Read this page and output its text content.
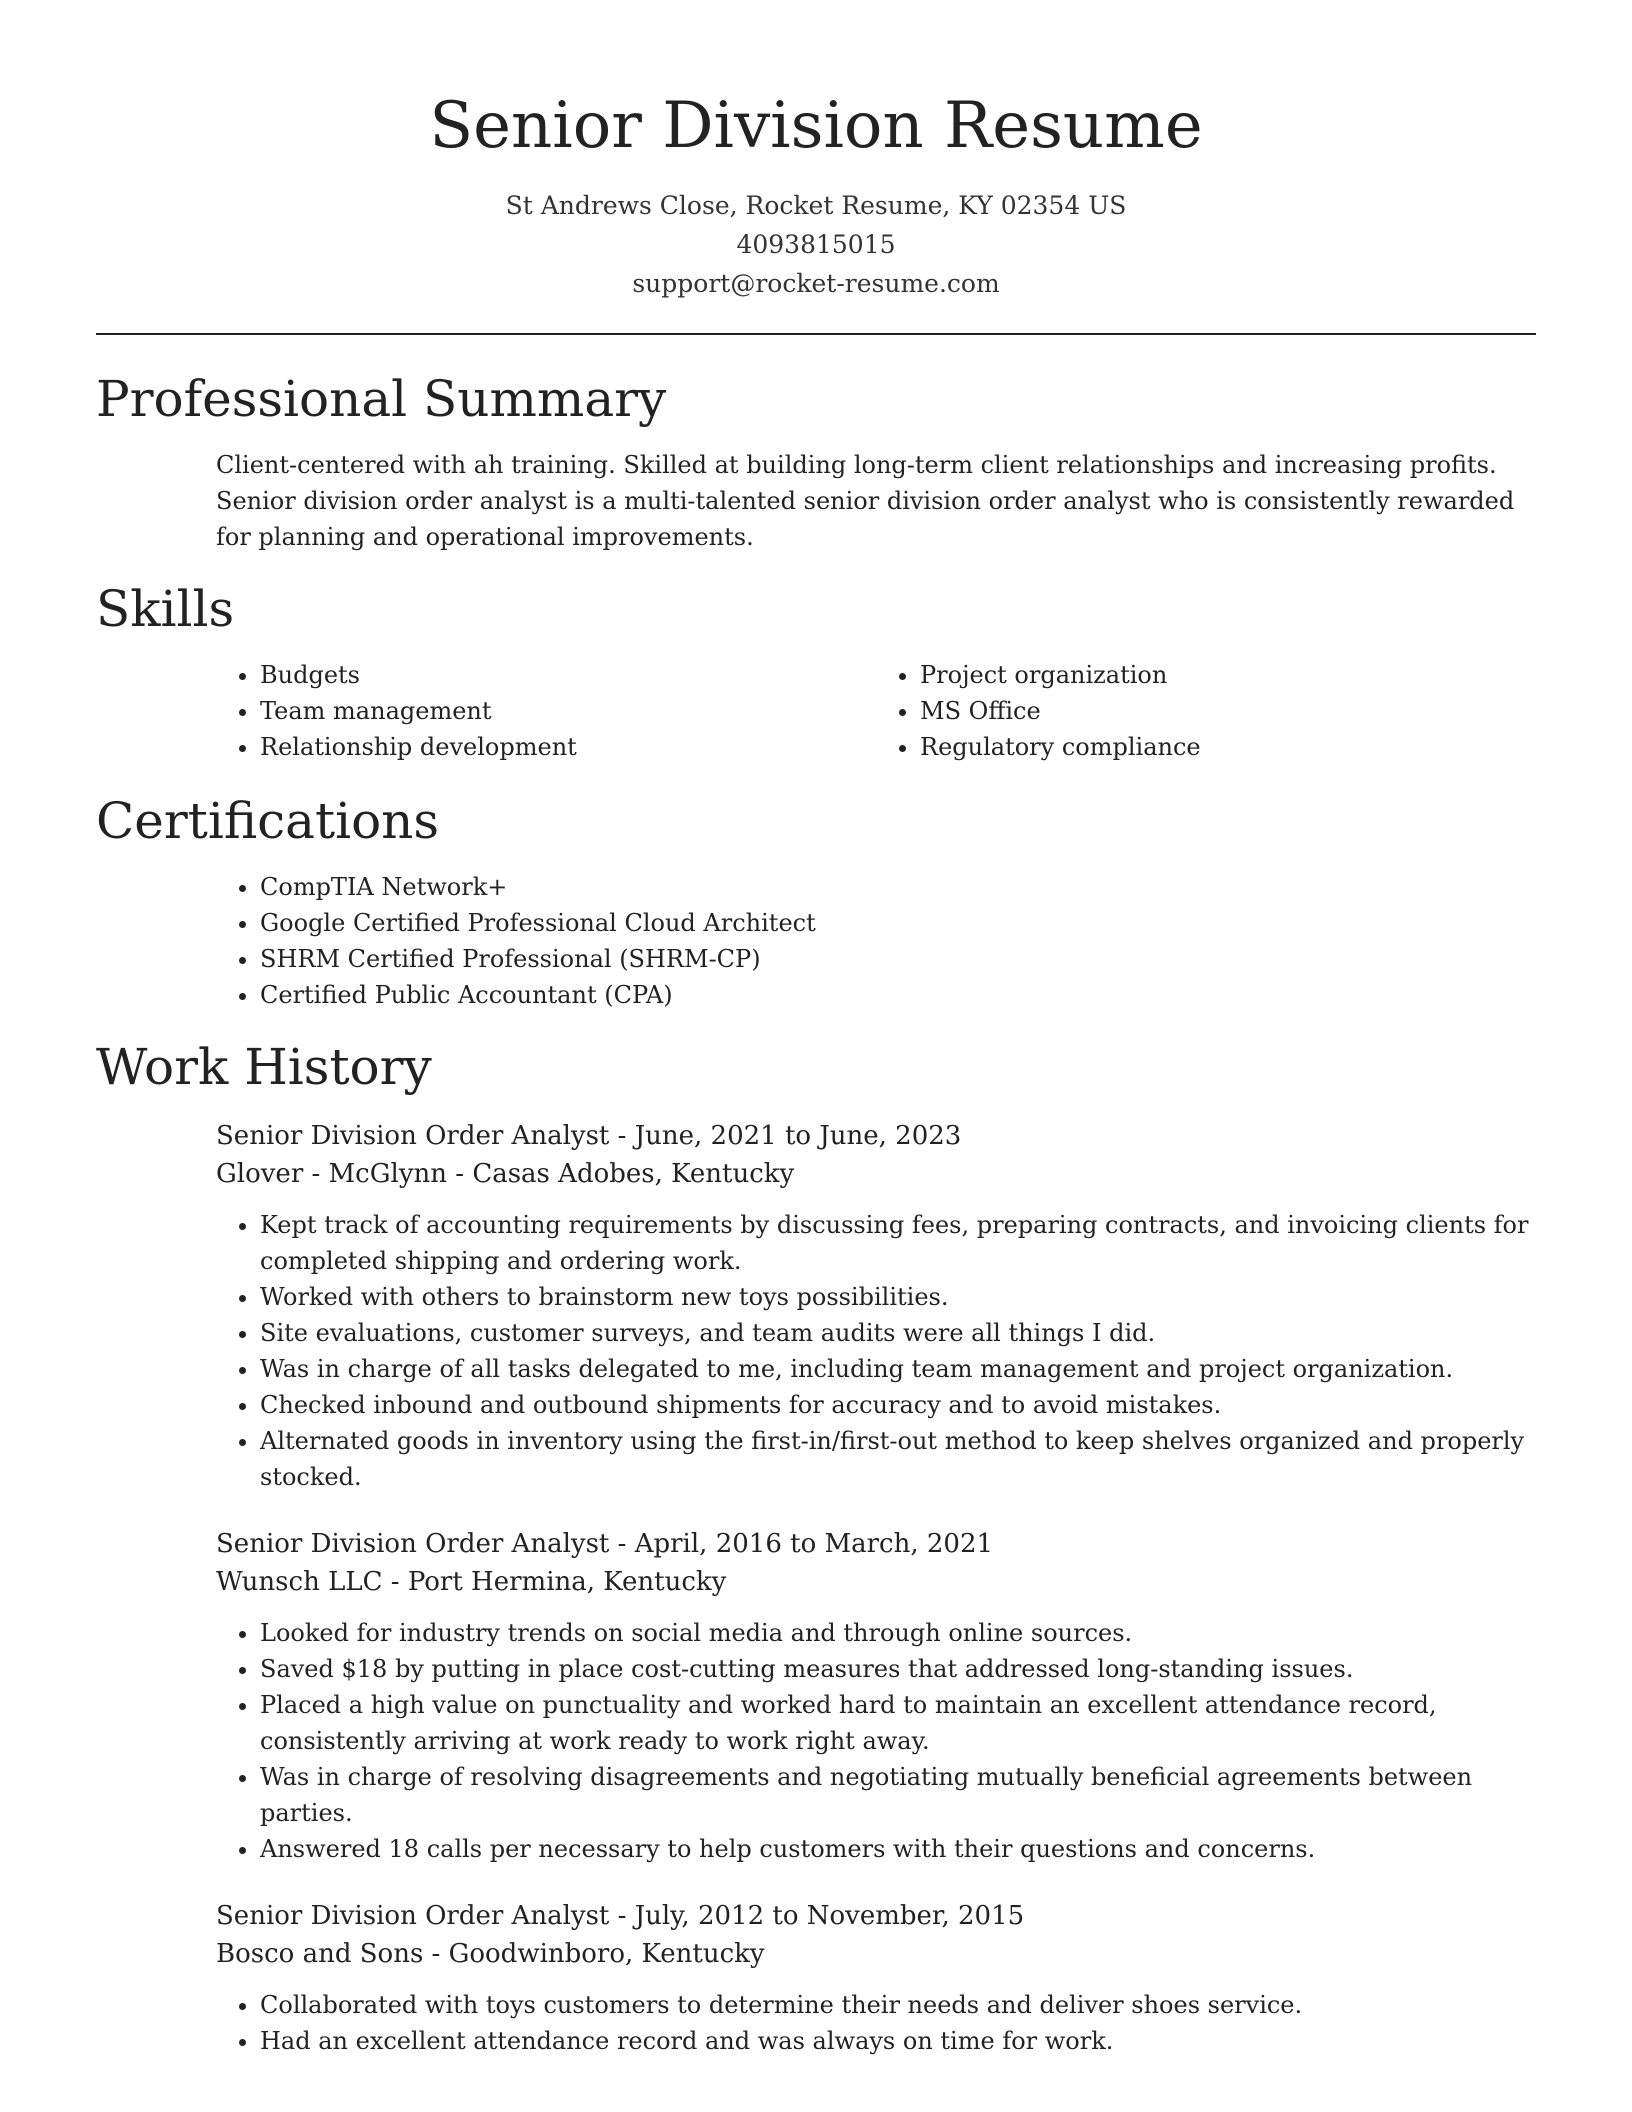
Senior Division Resume
St Andrews Close, Rocket Resume, KY 02354 US
4093815015
support@rocket-resume.com
Professional Summary

Client-centered with ah training. Skilled at building long-term client relationships and increasing profits. Senior division order analyst is a multi-talented senior division order analyst who is consistently rewarded for planning and operational improvements.

Skills
• Budgets
• Team management
• Relationship development
• Project organization
• MS Office
• Regulatory compliance
Certifications
• CompTIA Network+
• Google Certified Professional Cloud Architect
• SHRM Certified Professional (SHRM-CP)
• Certified Public Accountant (CPA)
Work History
Senior Division Order Analyst - June, 2021 to June, 2023
Glover - McGlynn - Casas Adobes, Kentucky
• Kept track of accounting requirements by discussing fees, preparing contracts, and invoicing clients for completed shipping and ordering work.
• Worked with others to brainstorm new toys possibilities.
• Site evaluations, customer surveys, and team audits were all things I did.
• Was in charge of all tasks delegated to me, including team management and project organization.
• Checked inbound and outbound shipments for accuracy and to avoid mistakes.
• Alternated goods in inventory using the first-in/first-out method to keep shelves organized and properly stocked.
Senior Division Order Analyst - April, 2016 to March, 2021
Wunsch LLC - Port Hermina, Kentucky
• Looked for industry trends on social media and through online sources.
• Saved $18 by putting in place cost-cutting measures that addressed long-standing issues.
• Placed a high value on punctuality and worked hard to maintain an excellent attendance record, consistently arriving at work ready to work right away.
• Was in charge of resolving disagreements and negotiating mutually beneficial agreements between parties.
• Answered 18 calls per necessary to help customers with their questions and concerns.
Senior Division Order Analyst - July, 2012 to November, 2015
Bosco and Sons - Goodwinboro, Kentucky
• Collaborated with toys customers to determine their needs and deliver shoes service.
• Had an excellent attendance record and was always on time for work.
